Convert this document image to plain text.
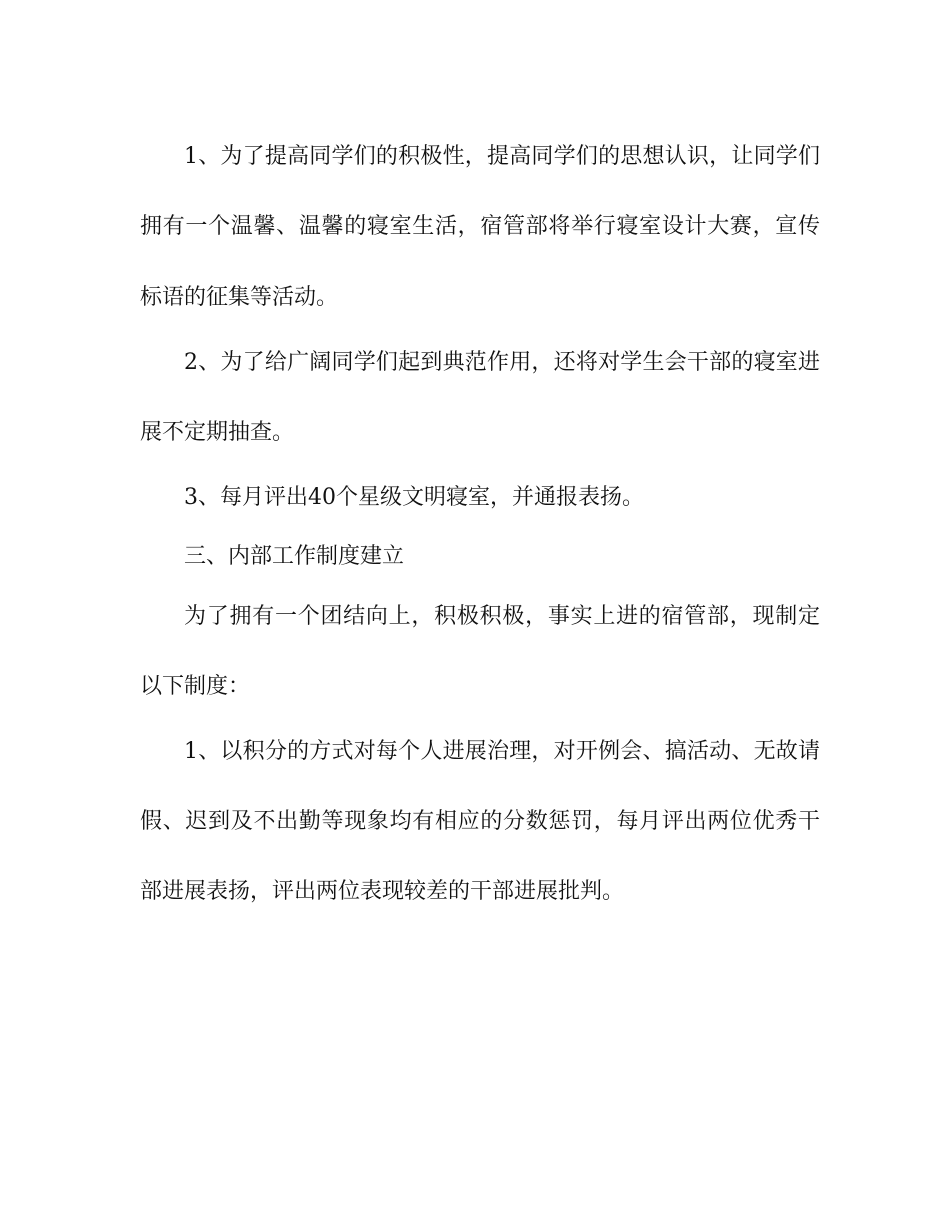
1、为了提高同学们的积极性，提高同学们的思想认识，让同学们
拥有一个温馨、温馨的寝室生活，宿管部将举行寝室设计大赛，宣传
标语的征集等活动。
2、为了给广阔同学们起到典范作用，还将对学生会干部的寝室进
展不定期抽查。
3、每月评出40个星级文明寝室，并通报表扬。
三、内部工作制度建立
为了拥有一个团结向上，积极积极，事实上进的宿管部，现制定
以下制度：
1、以积分的方式对每个人进展治理，对开例会、搞活动、无故请
假、迟到及不出勤等现象均有相应的分数惩罚，每月评出两位优秀干
部进展表扬，评出两位表现较差的干部进展批判。
